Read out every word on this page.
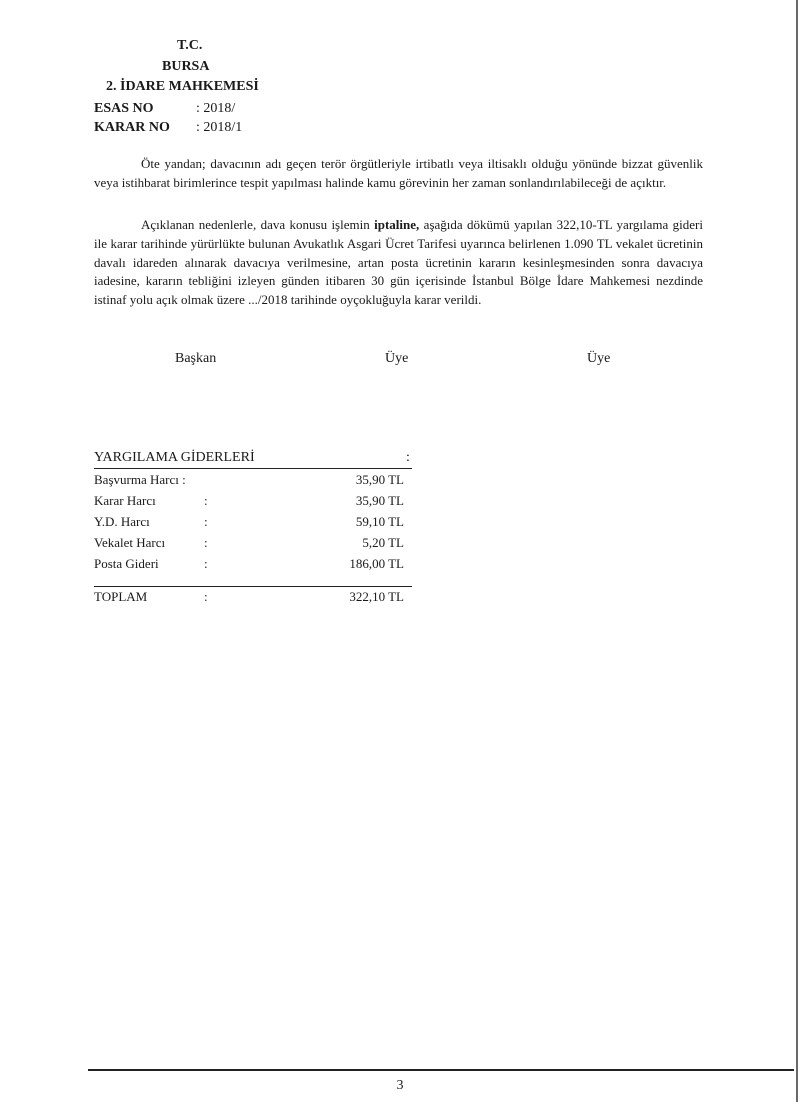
T.C.
BURSA
2. İDARE MAHKEMESİ
ESAS NO	: 2018/
KARAR NO : 2018/1

Öte yandan; davacının adı geçen terör örgütleriyle irtibatlı veya iltisaklı olduğu yönünde bizzat güvenlik veya istihbarat birimlerince tespit yapılması halinde kamu görevinin her zaman sonlandırılabileceği de açıktır.

Açıklanan nedenlerle, dava konusu işlemin iptaline, aşağıda dökümü yapılan 322,10-TL yargılama gideri ile karar tarihinde yürürlükte bulunan Avukatlık Asgari Ücret Tarifesi uyarınca belirlenen 1.090 TL vekalet ücretinin davalı idareden alınarak davacıya verilmesine, artan posta ücretinin kararın kesinleşmesinden sonra davacıya iadesine, kararın tebliğini izleyen günden itibaren 30 gün içerisinde İstanbul Bölge İdare Mahkemesi nezdinde istinaf yolu açık olmak üzere .../2018 tarihinde oyçokluğuyla karar verildi.

Başkan	Üye	Üye
YARGILAMA GİDERLERİ	:
Başvurma Harcı :	35,90 TL
Karar Harcı	:	35,90 TL
Y.D. Harcı	:	59,10 TL
Vekalet Harcı	:	5,20 TL
Posta Gideri	:	186,00 TL
TOPLAM	:	322,10 TL
3
